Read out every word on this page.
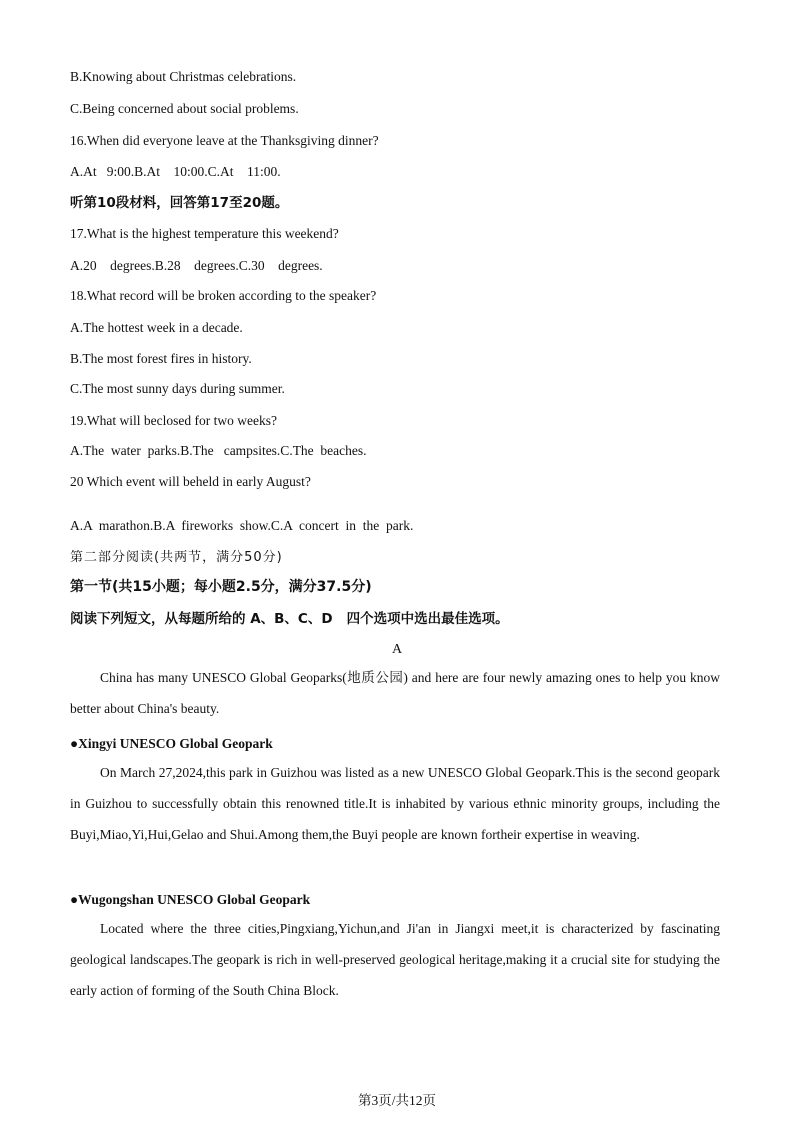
B.Knowing about Christmas celebrations.
C.Being concerned about social problems.
16.When did everyone leave at the Thanksgiving dinner?
A.At   9:00.B.At    10:00.C.At    11:00.
听第10段材料，回答第17至20题。
17.What is the highest temperature this weekend?
A.20    degrees.B.28    degrees.C.30    degrees.
18.What record will be broken according to the speaker?
A.The hottest week in a decade.
B.The most forest fires in history.
C.The most sunny days during summer.
19.What will beclosed for two weeks?
A.The  water  parks.B.The   campsites.C.The  beaches.
20 Which event will beheld in early August?
A.A  marathon.B.A  fireworks  show.C.A  concert  in  the  park.
第二部分阅读(共两节，满分50分)
第一节(共15小题；每小题2.5分，满分37.5分)
阅读下列短文，从每题所给的 A、B、C、D   四个选项中选出最佳选项。
A
China has many UNESCO Global Geoparks(地质公园) and here are four newly amazing ones to help you know better about China's beauty.
●Xingyi UNESCO Global Geopark
On March 27,2024,this park in Guizhou was listed as a new UNESCO Global Geopark.This is the second geopark in Guizhou to successfully obtain this renowned title.It is inhabited by various ethnic minority groups, including the Buyi,Miao,Yi,Hui,Gelao and Shui.Among them,the Buyi people are known fortheir expertise in weaving.
●Wugongshan UNESCO Global Geopark
Located where the three cities,Pingxiang,Yichun,and Ji'an in Jiangxi meet,it is characterized by fascinating geological landscapes.The geopark is rich in well-preserved geological heritage,making it a crucial site for studying the early action of forming of the South China Block.
第3页/共12页
